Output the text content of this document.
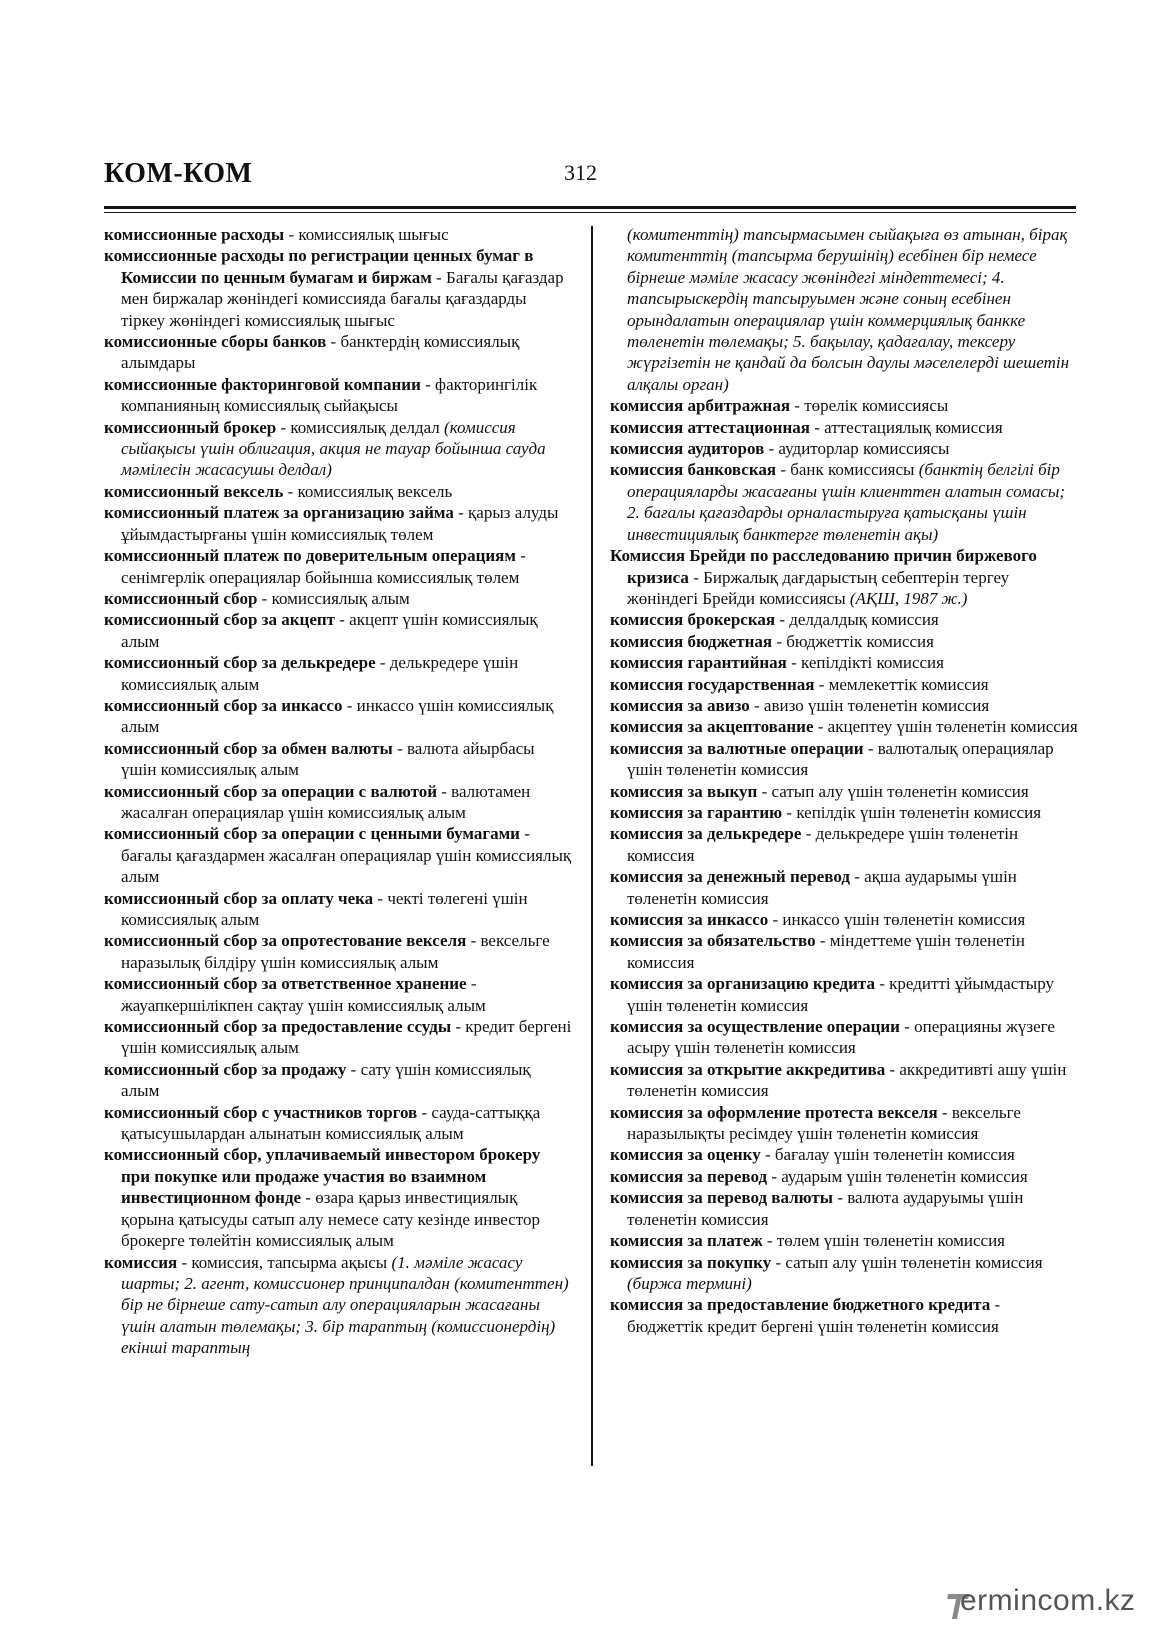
КОМ-КОМ	312

комиссионные расходы - комиссиялық шығыс

комиссионные расходы по регистрации ценных бумаг в Комиссии по ценным бумагам и биржам - Бағалы қағаздар мен биржалар жөніндегі комиссияда бағалы қағаздарды тіркеу жөніндегі комиссиялық шығыс

комиссионные сборы банков - банктердің комиссиялық алымдары

комиссионные факторинговой компании - факторингілік компанияның комиссиялық сыйақысы

комиссионный брокер - комиссиялық делдал (комиссия сыйақысы үшін облигация, акция не тауар бойынша сауда мәмілесін жасасушы делдал)

комиссионный вексель - комиссиялық вексель

комиссионный платеж за организацию займа - қарыз алуды ұйымдастырғаны үшін комиссиялық төлем

комиссионный платеж по доверительным операциям - сенімгерлік операциялар бойынша комиссиялық төлем

комиссионный сбор - комиссиялық алым

комиссионный сбор за акцепт - акцепт үшін комиссиялық алым

комиссионный сбор за делькредере - делькредере үшін комиссиялық алым

комиссионный сбор за инкассо - инкассо үшін комиссиялық алым

комиссионный сбор за обмен валюты - валюта айырбасы үшін комиссиялық алым

комиссионный сбор за операции с валютой - валютамен жасалған операциялар үшін комиссиялық алым

комиссионный сбор за операции с ценными бумагами - бағалы қағаздармен жасалған операциялар үшін комиссиялық алым

комиссионный сбор за оплату чека - чекті төлегені үшін комиссиялық алым

комиссионный сбор за опротестование векселя - вексельге наразылық білдіру үшін комиссиялық алым

комиссионный сбор за ответственное хранение - жауапкершілікпен сақтау үшін комиссиялық алым

комиссионный сбор за предоставление ссуды - кредит бергені үшін комиссиялық алым

комиссионный сбор за продажу - сату үшін комиссиялық алым

комиссионный сбор с участников торгов - сауда-саттыққа қатысушылардан алынатын комиссиялық алым

комиссионный сбор, уплачиваемый инвестором брокеру при покупке или продаже участия во взаимном инвестиционном фонде - өзара қарыз инвестициялық қорына қатысуды сатып алу немесе сату кезінде инвестор брокерге төлейтін комиссиялық алым

комиссия - комиссия, тапсырма ақысы (1. мәміле жасасу шарты; 2. агент, комиссионер принципалдан (комитенттен) бір не бірнеше сату-сатып алу операцияларын жасағаны үшін алатын төлемақы; 3. бір тараптың (комиссионердің) екінші тараптың

(комитенттің) тапсырмасымен сыйақыға өз атынан, бірақ комитенттің (тапсырма берушінің) есебінен бір немесе бірнеше мәміле жасасу жөніндегі міндеттемесі; 4. тапсырыскердің тапсыруымен және соның есебінен орындалатын операциялар үшін коммерциялық банкке төленетін төлемақы; 5. бақылау, қадағалау, тексеру жүргізетін не қандай да болсын даулы мәселелерді шешетін алқалы орган)

комиссия арбитражная - төрелік комиссиясы

комиссия аттестационная - аттестациялық комиссия

комиссия аудиторов - аудиторлар комиссиясы

комиссия банковская - банк комиссиясы (банктің белгілі бір операцияларды жасағаны үшін клиенттен алатын сомасы; 2. бағалы қағаздарды орналастыруға қатысқаны үшін инвестициялық банктерге төленетін ақы)

Комиссия Брейди по расследованию причин биржевого кризиса - Биржалық дағдарыстың себептерін тергеу жөніндегі Брейди комиссиясы (АҚШ, 1987 ж.)

комиссия брокерская - делдалдық комиссия

комиссия бюджетная - бюджеттік комиссия

комиссия гарантийная - кепілдікті комиссия

комиссия государственная - мемлекеттік комиссия

комиссия за авизо - авизо үшін төленетін комиссия

комиссия за акцептование - акцептеу үшін төленетін комиссия

комиссия за валютные операции - валюталық операциялар үшін төленетін комиссия

комиссия за выкуп - сатып алу үшін төленетін комиссия

комиссия за гарантию - кепілдік үшін төленетін комиссия

комиссия за делькредере - делькредере үшін төленетін комиссия

комиссия за денежный перевод - ақша аударымы үшін төленетін комиссия

комиссия за инкассо - инкассо үшін төленетін комиссия

комиссия за обязательство - міндеттеме үшін төленетін комиссия

комиссия за организацию кредита - кредитті ұйымдастыру үшін төленетін комиссия

комиссия за осуществление операции - операцияны жүзеге асыру үшін төленетін комиссия

комиссия за открытие аккредитива - аккредитивті ашу үшін төленетін комиссия

комиссия за оформление протеста векселя - вексельге наразылықты ресімдеу үшін төленетін комиссия

комиссия за оценку - бағалау үшін төленетін комиссия

комиссия за перевод - аударым үшін төленетін комиссия

комиссия за перевод валюты - валюта аударуымы үшін төленетін комиссия

комиссия за платеж - төлем үшін төленетін комиссия

комиссия за покупку - сатып алу үшін төленетін комиссия (биржа термині)

комиссия за предоставление бюджетного кредита - бюджеттік кредит бергені үшін төленетін комиссия

ermincom.kz
